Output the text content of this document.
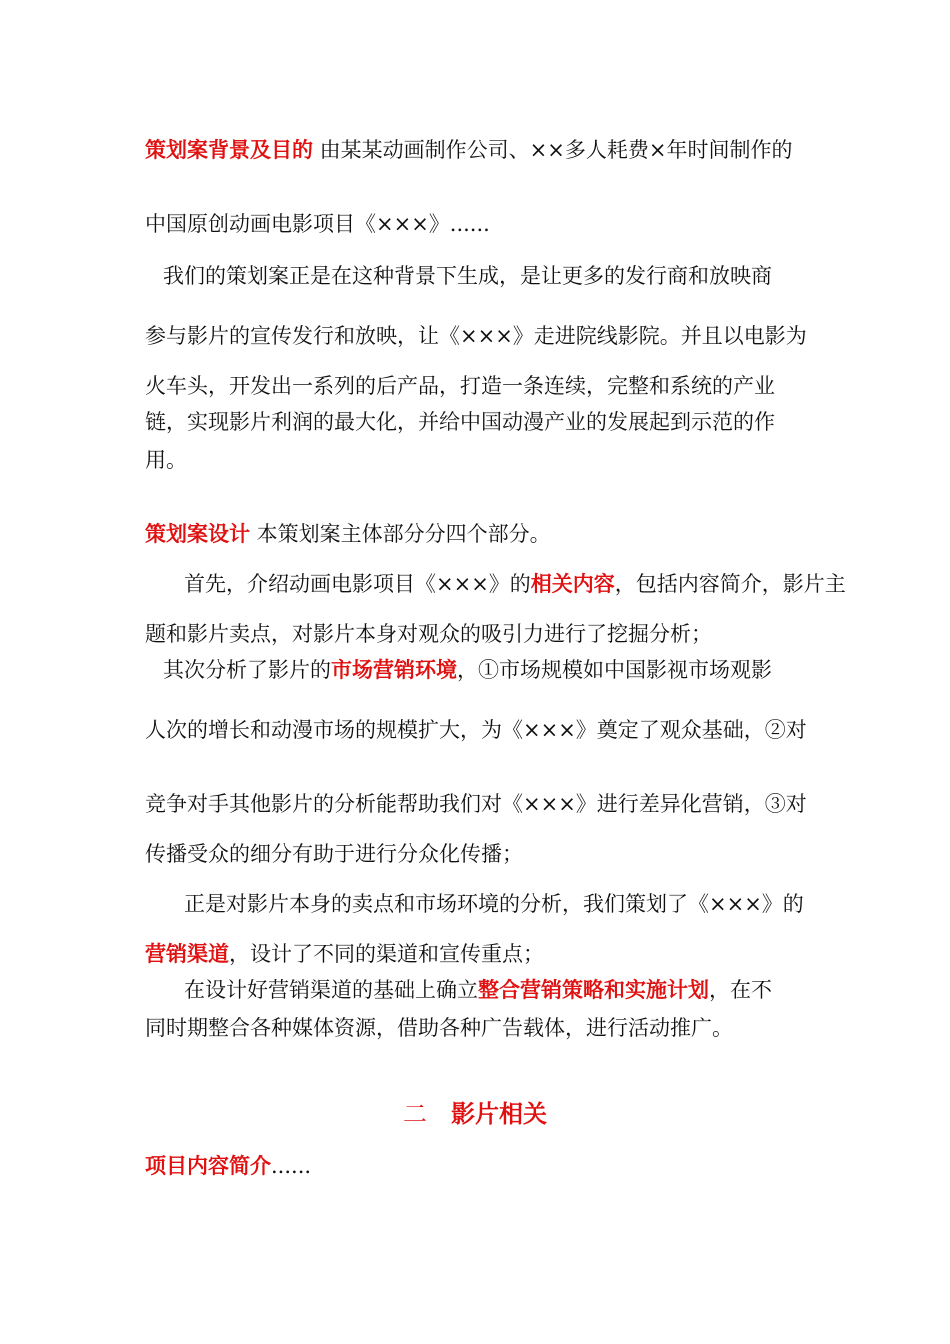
策划案背景及目的 由某某动画制作公司、××多人耗费×年时间制作的
中国原创动画电影项目《×××》......
我们的策划案正是在这种背景下生成，是让更多的发行商和放映商
参与影片的宣传发行和放映，让《×××》走进院线影院。并且以电影为
火车头，开发出一系列的后产品，打造一条连续，完整和系统的产业
链，实现影片利润的最大化，并给中国动漫产业的发展起到示范的作
用。
策划案设计 本策划案主体部分分四个部分。
首先，介绍动画电影项目《×××》的相关内容，包括内容简介，影片主
题和影片卖点，对影片本身对观众的吸引力进行了挖掘分析；
其次分析了影片的市场营销环境，①市场规模如中国影视市场观影
人次的增长和动漫市场的规模扩大，为《×××》奠定了观众基础，②对
竞争对手其他影片的分析能帮助我们对《×××》进行差异化营销，③对
传播受众的细分有助于进行分众化传播；
正是对影片本身的卖点和市场环境的分析，我们策划了《×××》的
营销渠道，设计了不同的渠道和宣传重点；
在设计好营销渠道的基础上确立整合营销策略和实施计划，在不
同时期整合各种媒体资源，借助各种广告载体，进行活动推广。
二 影片相关
项目内容简介......
